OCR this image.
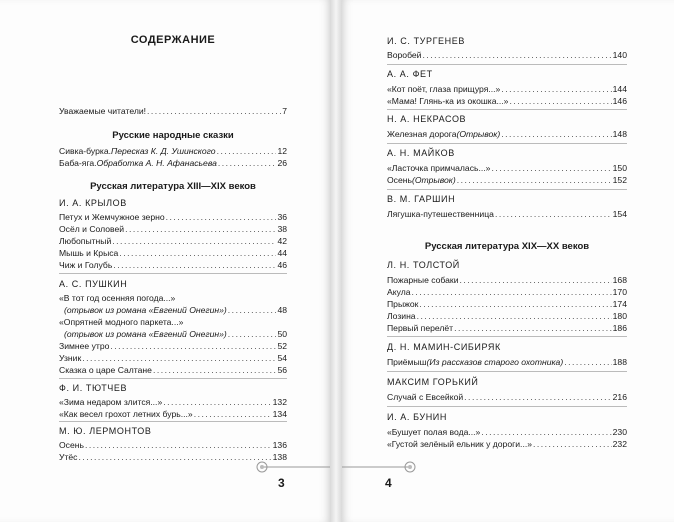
СОДЕРЖАНИЕ
Уважаемые читатели! .....	7
Русские народные сказки
Сивка-бурка. Пересказ К. Д. Ушинского .....	12
Баба-яга. Обработка А. Н. Афанасьева .....	26
Русская литература XIII—XIX веков
И. А. КРЫЛОВ
Петух и Жемчужное зерно .....	36
Осёл и Соловей .....	38
Любопытный .....	42
Мышь и Крыса .....	44
Чиж и Голубь .....	46
А. С. ПУШКИН
«В тот год осенняя погода...»
(отрывок из романа «Евгений Онегин») .....	48
«Опрятней модного паркета...»
(отрывок из романа «Евгений Онегин») .....	50
Зимнее утро .....	52
Узник .....	54
Сказка о царе Салтане .....	56
Ф. И. ТЮТЧЕВ
«Зима недаром злится...» .....	132
«Как весел грохот летних бурь...» .....	134
М. Ю. ЛЕРМОНТОВ
Осень .....	136
Утёс .....	138
3
И. С. ТУРГЕНЕВ
Воробей .....	140
А. А. ФЕТ
«Кот поёт, глаза прищуря...» .....	144
«Мама! Глянь-ка из окошка...» .....	146
Н. А. НЕКРАСОВ
Железная дорога (Отрывок) .....	148
А. Н. МАЙКОВ
«Ласточка примчалась...» .....	150
Осень (Отрывок) .....	152
В. М. ГАРШИН
Лягушка-путешественница .....	154
Русская литература XIX—XX веков
Л. Н. ТОЛСТОЙ
Пожарные собаки .....	168
Акула .....	170
Прыжок .....	174
Лозина .....	180
Первый перелёт .....	186
Д. Н. МАМИН-СИБИРЯК
Приёмыш (Из рассказов старого охотника) .....	188
МАКСИМ ГОРЬКИЙ
Случай с Евсейкой .....	216
И. А. БУНИН
«Бушует полая вода...» .....	230
«Густой зелёный ельник у дороги...» .....	232
4
